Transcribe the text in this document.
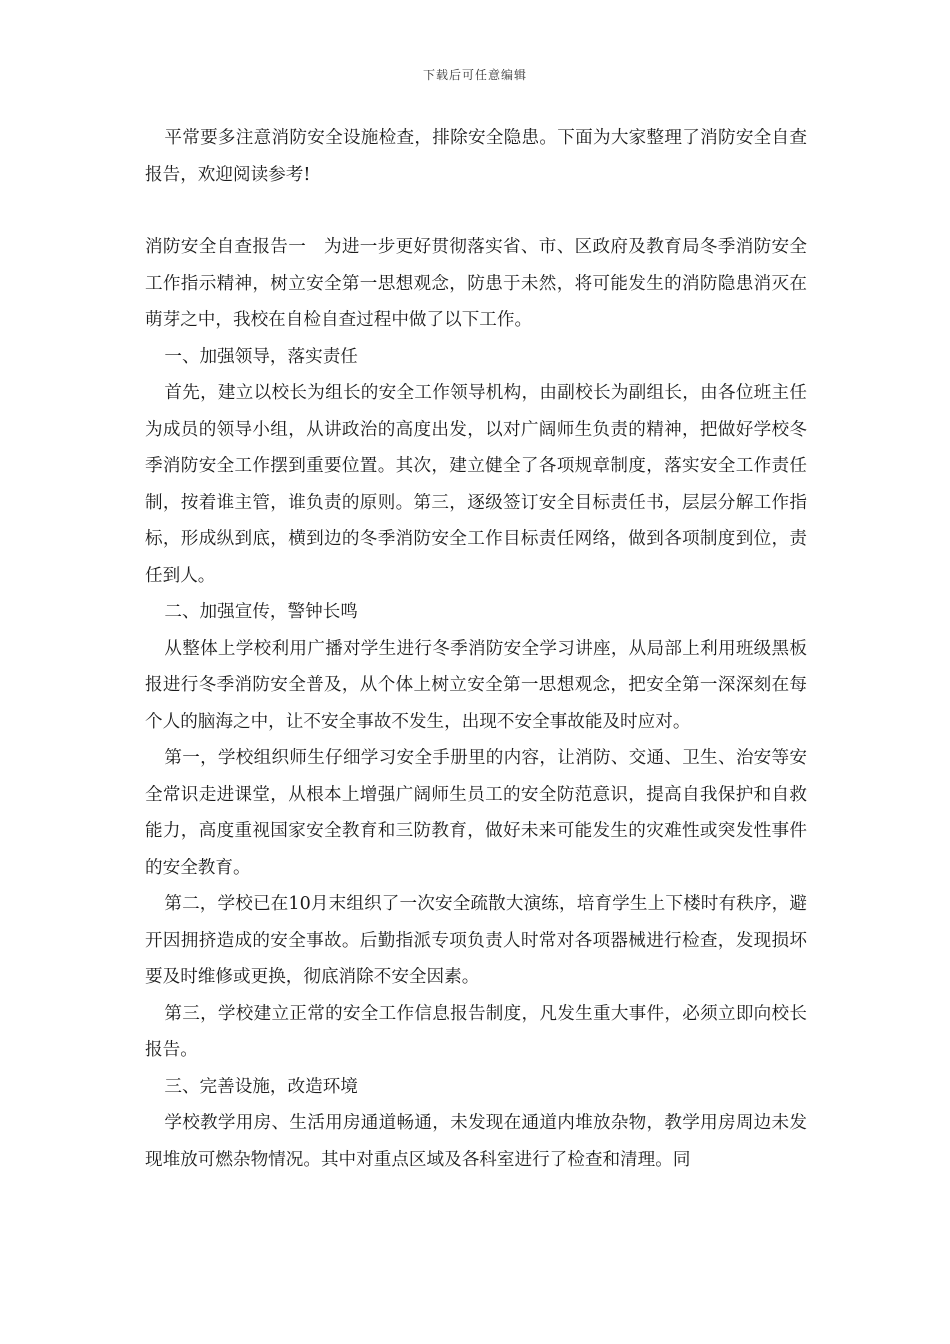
下载后可任意编辑

平常要多注意消防安全设施检查，排除安全隐患。下面为大家整理了消防安全自查报告，欢迎阅读参考!

消防安全自查报告一　为进一步更好贯彻落实省、市、区政府及教育局冬季消防安全工作指示精神，树立安全第一思想观念，防患于未然，将可能发生的消防隐患消灭在萌芽之中，我校在自检自查过程中做了以下工作。

一、加强领导，落实责任

首先，建立以校长为组长的安全工作领导机构，由副校长为副组长，由各位班主任为成员的领导小组，从讲政治的高度出发，以对广阔师生负责的精神，把做好学校冬季消防安全工作摆到重要位置。其次，建立健全了各项规章制度，落实安全工作责任制，按着谁主管，谁负责的原则。第三，逐级签订安全目标责任书，层层分解工作指标，形成纵到底，横到边的冬季消防安全工作目标责任网络，做到各项制度到位，责任到人。

二、加强宣传，警钟长鸣

从整体上学校利用广播对学生进行冬季消防安全学习讲座，从局部上利用班级黑板报进行冬季消防安全普及，从个体上树立安全第一思想观念，把安全第一深深刻在每个人的脑海之中，让不安全事故不发生，出现不安全事故能及时应对。

第一，学校组织师生仔细学习安全手册里的内容，让消防、交通、卫生、治安等安全常识走进课堂，从根本上增强广阔师生员工的安全防范意识，提高自我保护和自救能力，高度重视国家安全教育和三防教育，做好未来可能发生的灾难性或突发性事件的安全教育。

第二，学校已在10月末组织了一次安全疏散大演练，培育学生上下楼时有秩序，避开因拥挤造成的安全事故。后勤指派专项负责人时常对各项器械进行检查，发现损坏要及时维修或更换，彻底消除不安全因素。

第三，学校建立正常的安全工作信息报告制度，凡发生重大事件，必须立即向校长报告。

三、完善设施，改造环境

学校教学用房、生活用房通道畅通，未发现在通道内堆放杂物，教学用房周边未发现堆放可燃杂物情况。其中对重点区域及各科室进行了检查和清理。同
